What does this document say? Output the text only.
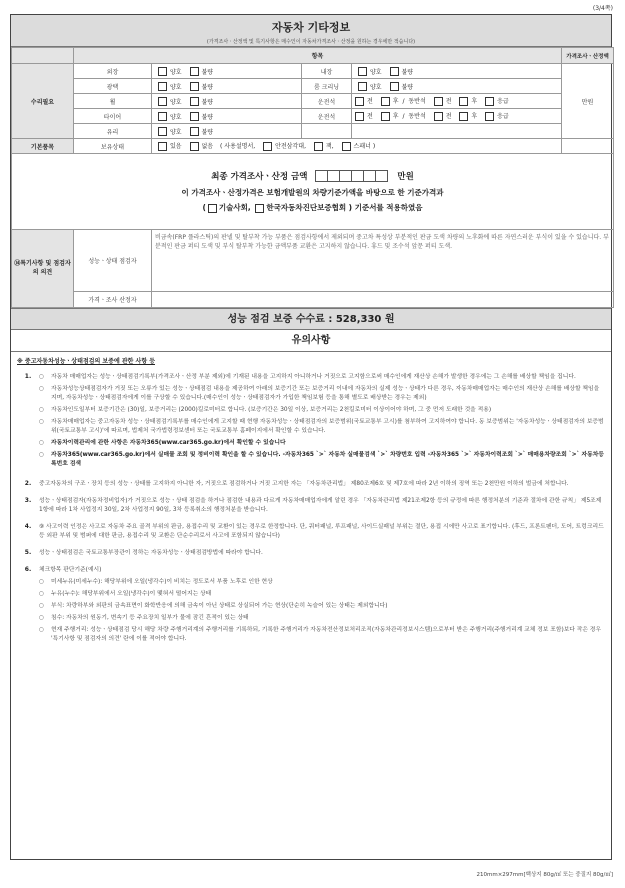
(3/4쪽)
자동차 기타정보
(가격조사ㆍ산정액 및 특기사항은 매수인이 자동차가격조사ㆍ산정을 원하는 경우에만 적습니다)
	항목				가격조사ㆍ산정액
수리필요	외장	양호 불량	내장	양호 불량	만원
	광택	양호 불량	룸 크리닝	양호 불량	
	휠	양호 불량	운전석	전 후 / 동반석 전 후 응급	
	타이어	양호 불량	운전석	전 후 / 동반석 전 후 응급	
	유리	양호 불량			
기본품목	보유상태	있음 없음 ( 사용설명서, 안전삼각대, 잭, 스패너 )			

최종 가격조사ㆍ산정 금액 만원
이 가격조사ㆍ산정가격은 보험개발원의 차량기준가액을 바탕으로 한 기준가격과
( 기술사회, 한국자동차진단보증협회 ) 기준서를 적용하였음					

⑭특기사항 및 점검자의 의견	성능ㆍ상태 점검자	비금속(FRP 플라스틱)의 판넬 및 탈부착 가능 부품은 점검사항에서 제외되며 중고차 특성상 부분적인 판금 도색 차량의 노후화에 따른 자연스러운 부식이 있을 수 있습니다. 부분적인 판금 퍼티 도색 및 부식 탈부착 가능한 금액부품 교환은 고지하지 않습니다. 휴드 및 조수석 앞문 퍼티 도색.			
	가격ㆍ조사 산정자				
성능 점검 보증 수수료 : 528,330 원
유의사항
※ 중고자동차성능ㆍ상태점검의 보증에 관한 사항 등
1.	○	자동차 매매업자는 성능ㆍ상태점검기록부(가격조사ㆍ산정 부분 제외)에 기재된 내용을 고지하지 아니하거나 거짓으로 고지함으로써 매수인에게 재산상 손해가 발생한 경우에는 그 손해를 배상할 책임을 집니다.
○	자동차성능상태점검자가 거짓 또는 오류가 있는 성능ㆍ상태점검 내용을 제공하여 아래의 보증기간 또는 보증거리 이내에 자동차의 실제 성능ㆍ상태가 다른 경우, 자동차매매업자는 매수인의 재산상 손해를 배상할 책임을 지며, 자동차성능ㆍ상태점검자에게 이를 구상할 수 있습니다.(매수인이 성능ㆍ상태점검자가 가입한 책임보험 등을 통해 별도로 배상받는 경우는 제외)
○	자동차인도일부터 보증기간은 (30)일, 보증거리는 (2000)킬로미터로 합니다. (보증기간은 30일 이상, 보증거리는 2천킬로미터 이상이어야 하며, 그 중 먼저 도래한 것을 적용)
○	자동차매매업자는 중고자동차 성능ㆍ상태점검기록부를 매수인에게 고지할 때 현행 자동차성능ㆍ상태점검자의 보증범위(국토교통부 고시)를 첨부하여 고지하여야 합니다. 동 보증범위는 '자동차성능ㆍ상태점검자의 보증범위(국토교통부 고시)'에 따르며, 법제처 국가법령정보센터 또는 국토교통부 홈페이지에서 확인할 수 있습니다.
○	자동차이력관리에 관한 사항은 자동차365(www.car365.go.kr)에서 확인할 수 있습니다
○	자동차365(www.car365.go.kr)에서 실매물 조회 및 정비이력 확인을 할 수 있습니다. -자동차365 `>` 자동차 실매물검색 `>` 차량번호 입력 -자동차365 `>` 자동차이력조회 `>` 매매용차량조회 `>` 자동차등록번호 검색
2.	중고자동차의 구조ㆍ장치 등의 성능ㆍ상태를 고지하지 아니한 자, 거짓으로 점검하거나 거짓 고지한 자는 「자동차관리법」 제80조제6호 및 제7호에 따라 2년 이하의 징역 또는 2천만원 이하의 벌금에 처합니다.
3.	성능ㆍ상태점검자(자동차정비업자)가 거짓으로 성능ㆍ상태 점검을 하거나 점검한 내용과 다르게 자동차매매업자에게 알린 경우 「자동차관리법 제21조제2항 등의 규정에 따른 행정처분의 기준과 절차에 관한 규칙」 제5조제1항에 따라 1차 사업정지 30일, 2차 사업정지 90일, 3차 등록취소의 행정처분을 받습니다.
4.	⑨ 사고이력 인정은 사고로 자동차 주요 골격 부위의 판금, 용접수리 및 교환이 있는 경우로 한정합니다. 단, 쿼터패널, 루프패널, 사이드실패널 부위는 절단, 용접 시에만 사고로 표기합니다. (후드, 프론트펜더, 도어, 트렁크리드 등 외판 부위 및 범퍼에 대한 판금, 용접수리 및 교환은 단순수리로서 사고에 포함되지 않습니다)
5.	성능ㆍ상태점검은 국토교통부장관이 정하는 자동차성능ㆍ상태점검방법에 따라야 합니다.
6.	체크항목 판단기준(예시)
○	미세누유(미세누수): 해당부위에 오일(냉각수)이 비치는 정도로서 부품 노후로 인한 현상
○	누유(누수): 해당부위에서 오일(냉각수)이 맺혀서 떨어지는 상태
○	부식: 차량하부와 외판의 금속표면이 화학반응에 의해 금속이 아닌 상태로 상실되어 가는 현상(단순히 녹슬어 있는 상태는 제외합니다)
○	침수: 자동차의 원동기, 변속기 등 주요장치 일부가 물에 잠긴 흔적이 있는 상태
○	현재 주행거리: 성능ㆍ상태점검 당시 해당 차량 주행거리계의 주행거리를 기록하되, 기록한 주행거리가 자동차전산정보처리조직(자동차관리정보시스템)으로부터 받은 주행거리(주행거리계 교체 정보 포함)보다 작은 경우 '특기사항 및 점검자의 의견' 란에 이를 적어야 합니다.
210mm×297mm[백상지 80g/㎡ 또는 중질지 80g/㎡]
